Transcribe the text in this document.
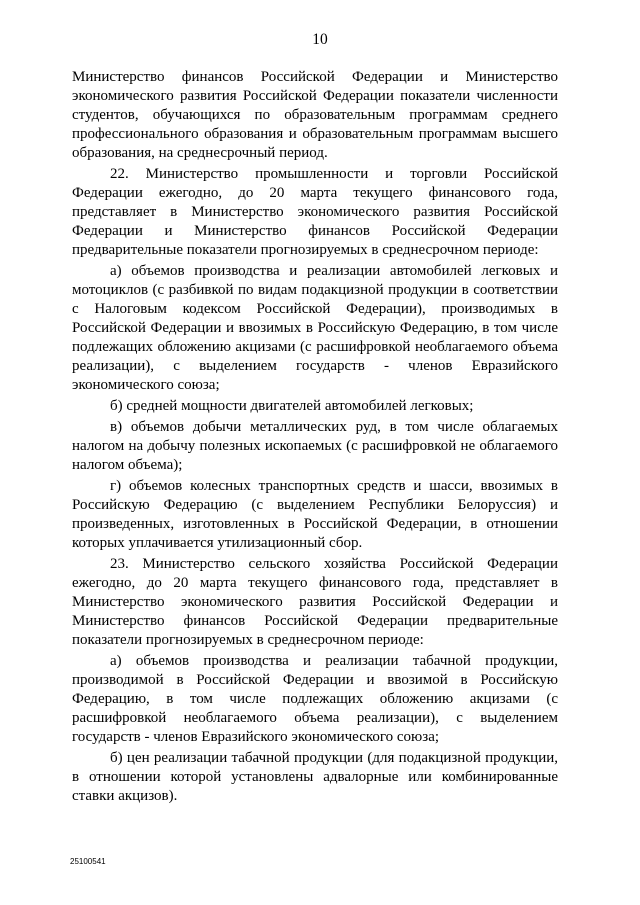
10

Министерство финансов Российской Федерации и Министерство экономического развития Российской Федерации показатели численности студентов, обучающихся по образовательным программам среднего профессионального образования и образовательным программам высшего образования, на среднесрочный период.

22. Министерство промышленности и торговли Российской Федерации ежегодно, до 20 марта текущего финансового года, представляет в Министерство экономического развития Российской Федерации и Министерство финансов Российской Федерации предварительные показатели прогнозируемых в среднесрочном периоде:

а) объемов производства и реализации автомобилей легковых и мотоциклов (с разбивкой по видам подакцизной продукции в соответствии с Налоговым кодексом Российской Федерации), производимых в Российской Федерации и ввозимых в Российскую Федерацию, в том числе подлежащих обложению акцизами (с расшифровкой необлагаемого объема реализации), с выделением государств - членов Евразийского экономического союза;

б) средней мощности двигателей автомобилей легковых;

в) объемов добычи металлических руд, в том числе облагаемых налогом на добычу полезных ископаемых (с расшифровкой не облагаемого налогом объема);

г) объемов колесных транспортных средств и шасси, ввозимых в Российскую Федерацию (с выделением Республики Белоруссия) и произведенных, изготовленных в Российской Федерации, в отношении которых уплачивается утилизационный сбор.

23. Министерство сельского хозяйства Российской Федерации ежегодно, до 20 марта текущего финансового года, представляет в Министерство экономического развития Российской Федерации и Министерство финансов Российской Федерации предварительные показатели прогнозируемых в среднесрочном периоде:

а) объемов производства и реализации табачной продукции, производимой в Российской Федерации и ввозимой в Российскую Федерацию, в том числе подлежащих обложению акцизами (с расшифровкой необлагаемого объема реализации), с выделением государств - членов Евразийского экономического союза;

б) цен реализации табачной продукции (для подакцизной продукции, в отношении которой установлены адвалорные или комбинированные ставки акцизов).

25100541
